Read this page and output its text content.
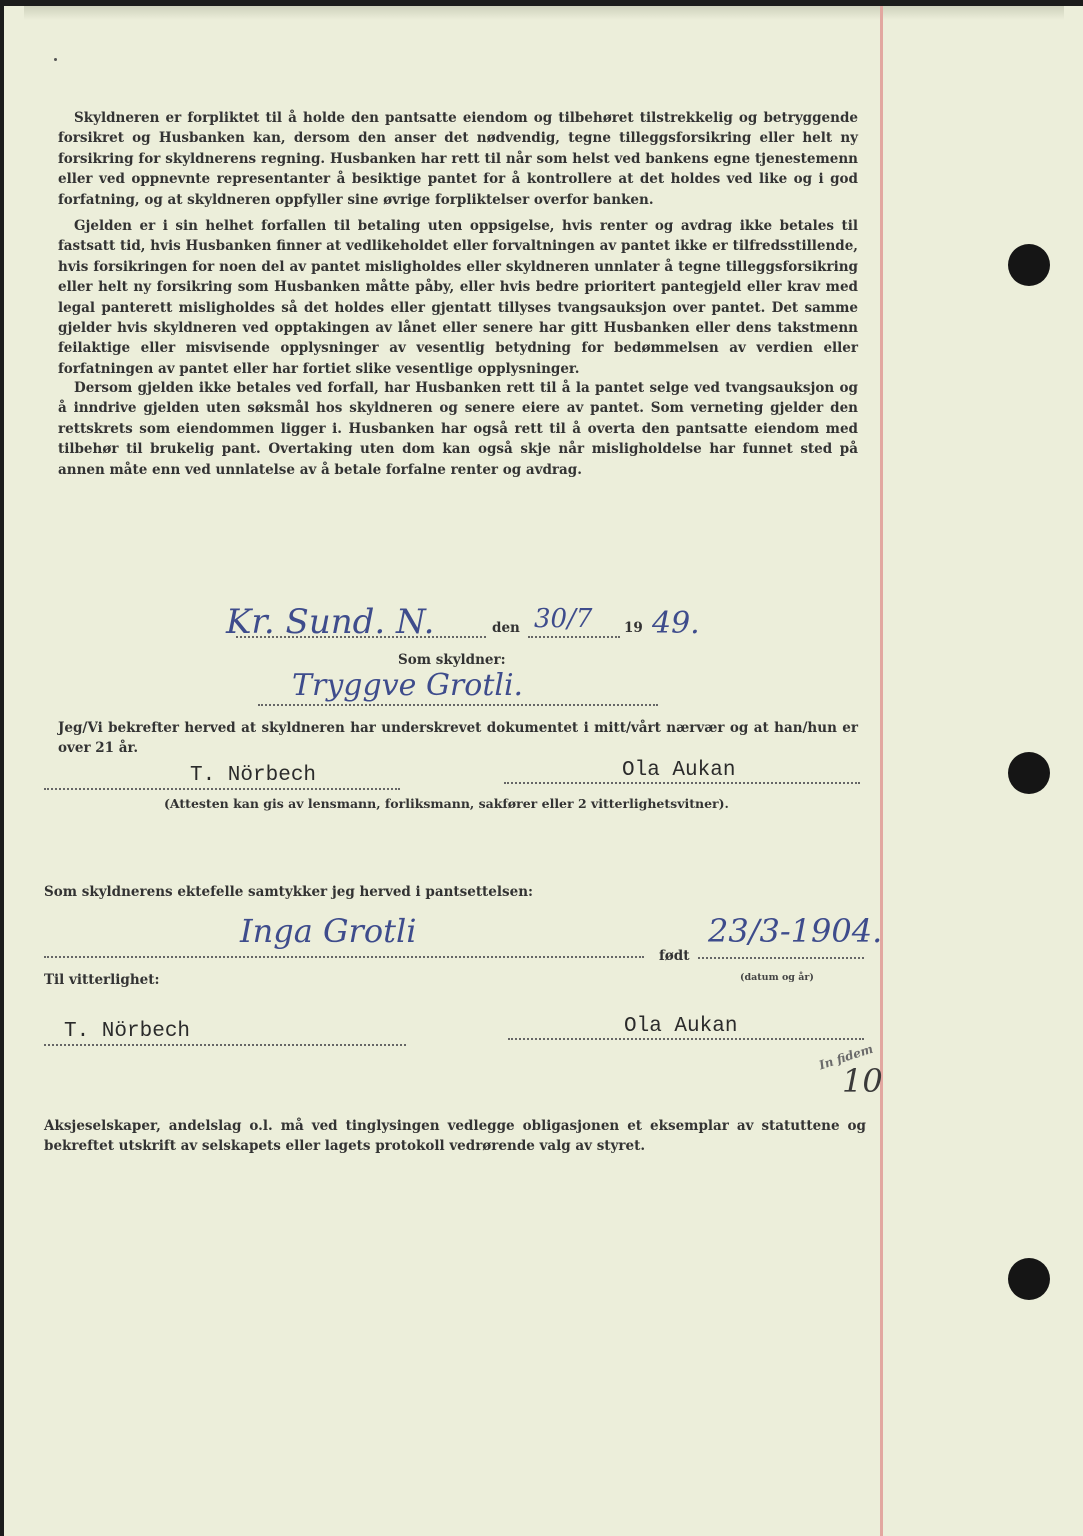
Skyldneren er forpliktet til å holde den pantsatte eiendom og tilbehøret tilstrekkelig og betryggende forsikret og Husbanken kan, dersom den anser det nødvendig, tegne tilleggsforsikring eller helt ny forsikring for skyldnerens regning. Husbanken har rett til når som helst ved bankens egne tjenestemenn eller ved oppnevnte representanter å besiktige pantet for å kontrollere at det holdes ved like og i god forfatning, og at skyldneren oppfyller sine øvrige forpliktelser overfor banken.

Gjelden er i sin helhet forfallen til betaling uten oppsigelse, hvis renter og avdrag ikke betales til fastsatt tid, hvis Husbanken finner at vedlikeholdet eller forvaltningen av pantet ikke er tilfredsstillende, hvis forsikringen for noen del av pantet misligholdes eller skyldneren unnlater å tegne tilleggsforsikring eller helt ny forsikring som Husbanken måtte påby, eller hvis bedre prioritert pantegjeld eller krav med legal panterett misligholdes så det holdes eller gjentatt tillyses tvangsauksjon over pantet. Det samme gjelder hvis skyldneren ved opptakingen av lånet eller senere har gitt Husbanken eller dens takstmenn feilaktige eller misvisende opplysninger av vesentlig betydning for bedømmelsen av verdien eller forfatningen av pantet eller har fortiet slike vesentlige opplysninger.

Dersom gjelden ikke betales ved forfall, har Husbanken rett til å la pantet selge ved tvangsauksjon og å inndrive gjelden uten søksmål hos skyldneren og senere eiere av pantet. Som verneting gjelder den rettskrets som eiendommen ligger i. Husbanken har også rett til å overta den pantsatte eiendom med tilbehør til brukelig pant. Overtaking uten dom kan også skje når misligholdelse har funnet sted på annen måte enn ved unnlatelse av å betale forfalne renter og avdrag.

Kr. Sund. N.	den 30/7 19 49.
Som skyldner:
Tryggve Grotli.

Jeg/Vi bekrefter herved at skyldneren har underskrevet dokumentet i mitt/vårt nærvær og at han/hun er over 21 år.

T. Nörbech	Ola Aukan
(Attesten kan gis av lensmann, forliksmann, sakfører eller 2 vitterlighetsvitner).
Som skyldnerens ektefelle samtykker jeg herved i pantsettelsen:
Inga Grotli
født
23/3-1904.
(datum og år)
Til vitterlighet:
T. Nörbech	Ola Aukan
In fidem
10

Aksjeselskaper, andelslag o.l. må ved tinglysingen vedlegge obligasjonen et eksemplar av statuttene og bekreftet utskrift av selskapets eller lagets protokoll vedrørende valg av styret.
